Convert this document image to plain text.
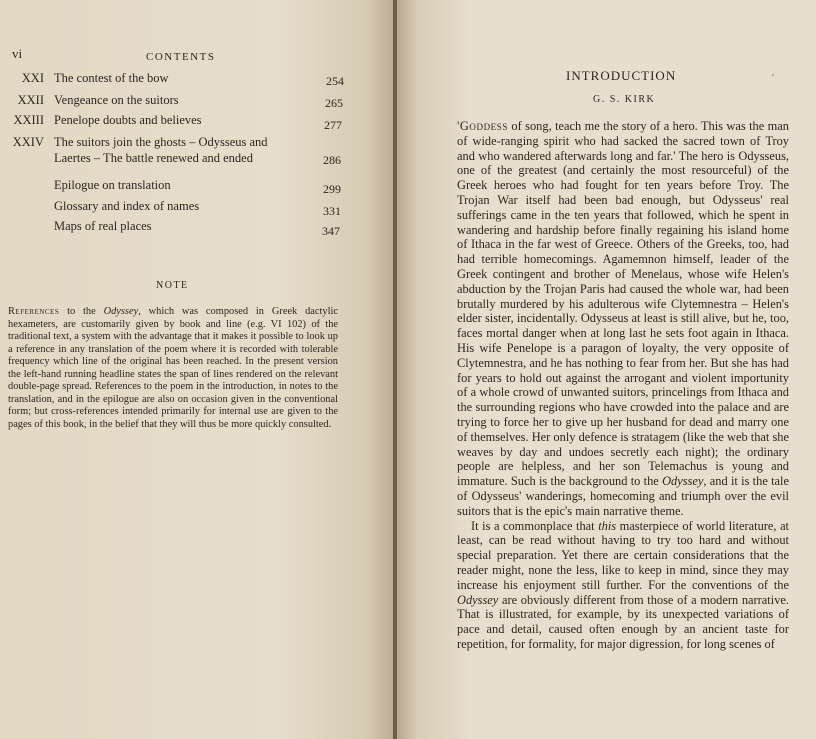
vi	CONTENTS
XXI The contest of the bow	254
XXII Vengeance on the suitors	265
XXIII Penelope doubts and believes	277
XXIV The suitors join the ghosts – Odysseus and
Laertes – The battle renewed and ended	286
Epilogue on translation	299
Glossary and index of names	331
Maps of real places	347
NOTE

References to the Odyssey, which was composed in Greek dactylic hexameters, are customarily given by book and line (e.g. VI 102) of the traditional text, a system with the advantage that it makes it possible to look up a reference in any translation of the poem where it is recorded with tolerable frequency which line of the original has been reached. In the present version the left-hand running headline states the span of lines rendered on the relevant double-page spread. References to the poem in the introduction, in notes to the translation, and in the epilogue are also on occasion given in the conventional form; but cross-references intended primarily for internal use are given to the pages of this book, in the belief that they will thus be more quickly consulted.

INTRODUCTION	'
G. S. KIRK

'Goddess of song, teach me the story of a hero. This was the man of wide-ranging spirit who had sacked the sacred town of Troy and who wandered afterwards long and far.' The hero is Odysseus, one of the greatest (and certainly the most resourceful) of the Greek heroes who had fought for ten years before Troy. The Trojan War itself had been bad enough, but Odysseus' real sufferings came in the ten years that followed, which he spent in wandering and hardship before finally regaining his island home of Ithaca in the far west of Greece. Others of the Greeks, too, had had terrible homecomings. Agamemnon himself, leader of the Greek contingent and brother of Menelaus, whose wife Helen's abduction by the Trojan Paris had caused the whole war, had been brutally murdered by his adulterous wife Clytemnestra – Helen's elder sister, incidentally. Odysseus at least is still alive, but he, too, faces mortal danger when at long last he sets foot again in Ithaca. His wife Penelope is a paragon of loyalty, the very opposite of Clytemnestra, and he has nothing to fear from her. But she has had for years to hold out against the arrogant and violent importunity of a whole crowd of unwanted suitors, princelings from Ithaca and the surrounding regions who have crowded into the palace and are trying to force her to give up her husband for dead and marry one of themselves. Her only defence is stratagem (like the web that she weaves by day and undoes secretly each night); the ordinary people are helpless, and her son Telemachus is young and immature. Such is the background to the Odyssey, and it is the tale of Odysseus' wanderings, homecoming and triumph over the evil suitors that is the epic's main narrative theme.

It is a commonplace that this masterpiece of world literature, at least, can be read without having to try too hard and without special preparation. Yet there are certain considerations that the reader might, none the less, like to keep in mind, since they may increase his enjoyment still further. For the conventions of the Odyssey are obviously different from those of a modern narrative. That is illustrated, for example, by its unexpected variations of pace and detail, caused often enough by an ancient taste for repetition, for formality, for major digression, for long scenes of
